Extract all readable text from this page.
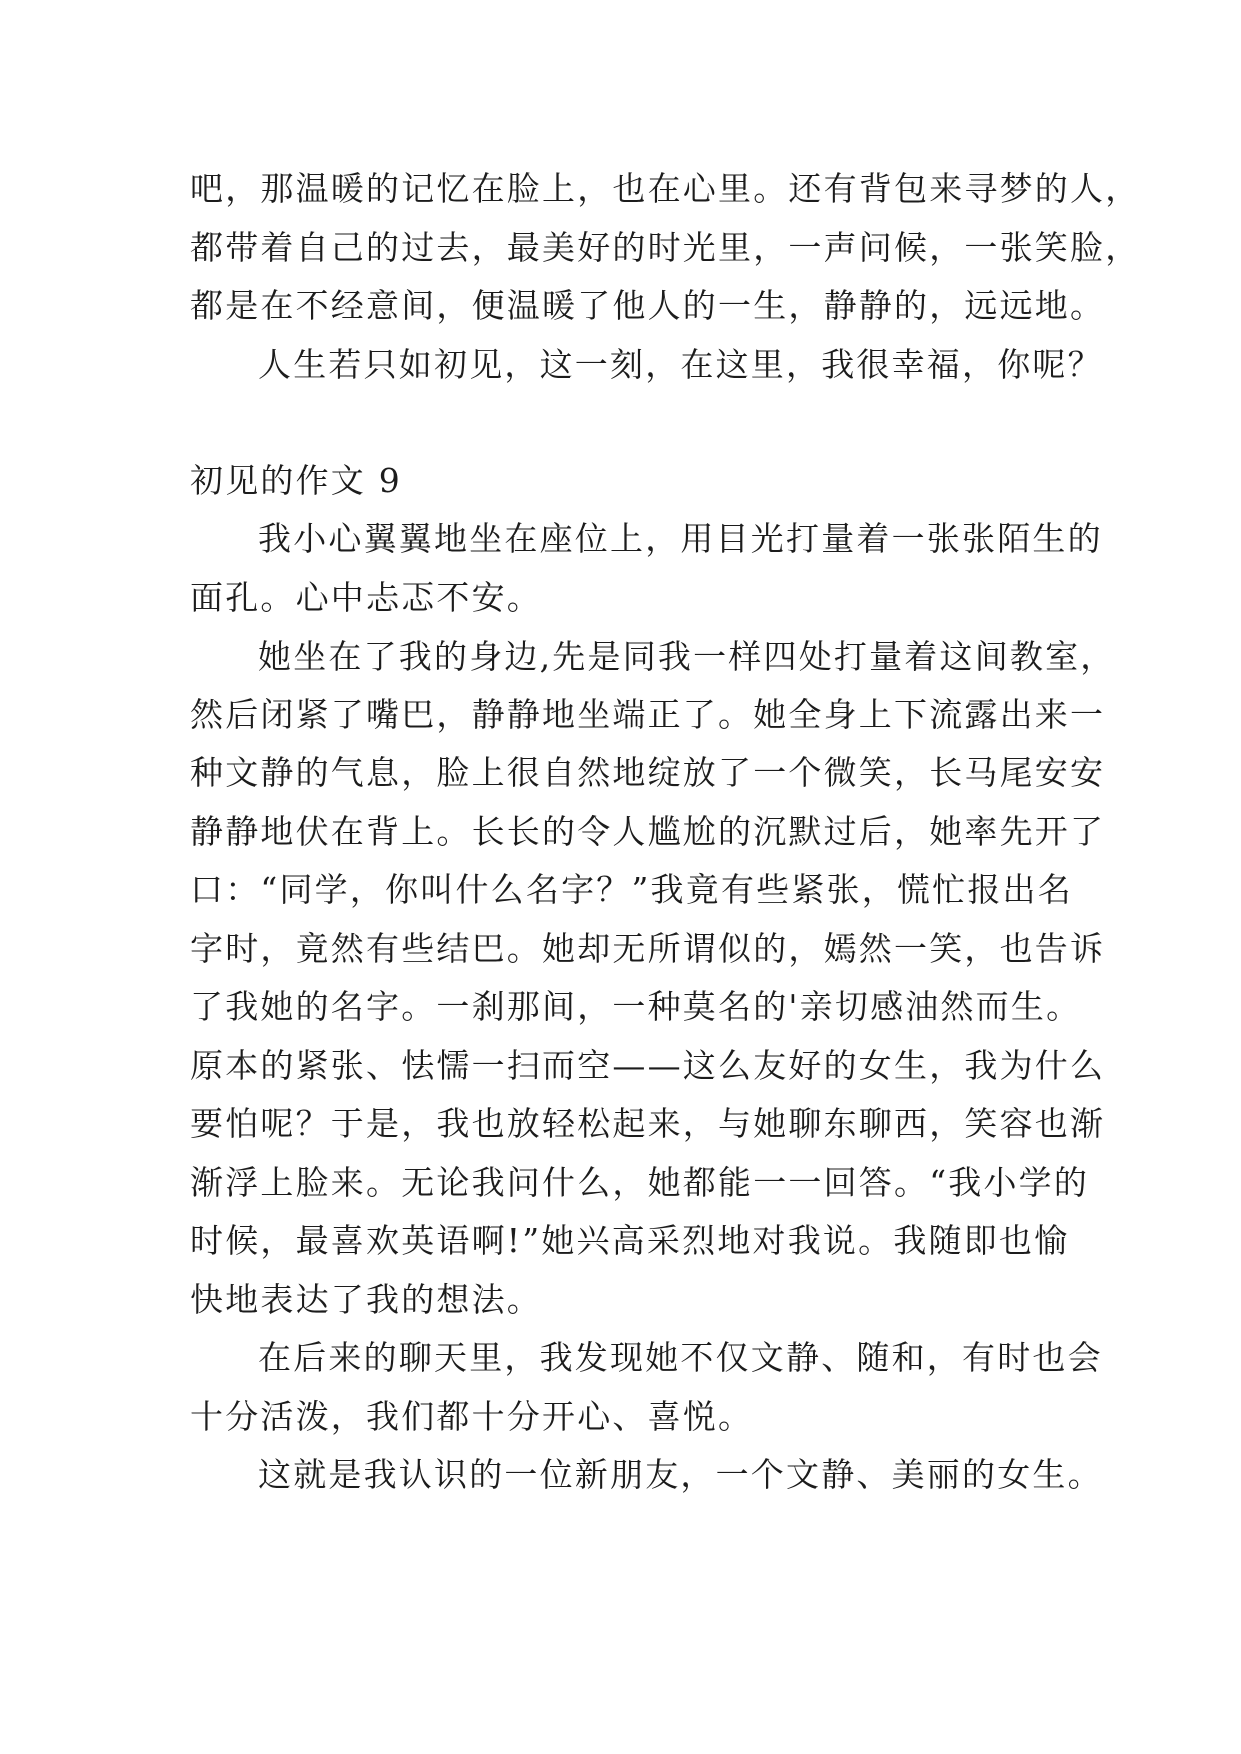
吧，那温暖的记忆在脸上，也在心里。还有背包来寻梦的人，

都带着自己的过去，最美好的时光里，一声问候，一张笑脸，

都是在不经意间，便温暖了他人的一生，静静的，远远地。

人生若只如初见，这一刻，在这里，我很幸福，你呢？

初见的作文 9

我小心翼翼地坐在座位上，用目光打量着一张张陌生的

面孔。心中忐忑不安。

她坐在了我的身边,先是同我一样四处打量着这间教室，

然后闭紧了嘴巴，静静地坐端正了。她全身上下流露出来一

种文静的气息，脸上很自然地绽放了一个微笑，长马尾安安

静静地伏在背上。长长的令人尴尬的沉默过后，她率先开了

口：“同学，你叫什么名字？”我竟有些紧张，慌忙报出名

字时，竟然有些结巴。她却无所谓似的，嫣然一笑，也告诉

了我她的名字。一刹那间，一种莫名的'亲切感油然而生。

原本的紧张、怯懦一扫而空——这么友好的女生，我为什么

要怕呢？于是，我也放轻松起来，与她聊东聊西，笑容也渐

渐浮上脸来。无论我问什么，她都能一一回答。“我小学的

时候，最喜欢英语啊!”她兴高采烈地对我说。我随即也愉

快地表达了我的想法。

在后来的聊天里，我发现她不仅文静、随和，有时也会

十分活泼，我们都十分开心、喜悦。

这就是我认识的一位新朋友，一个文静、美丽的女生。
